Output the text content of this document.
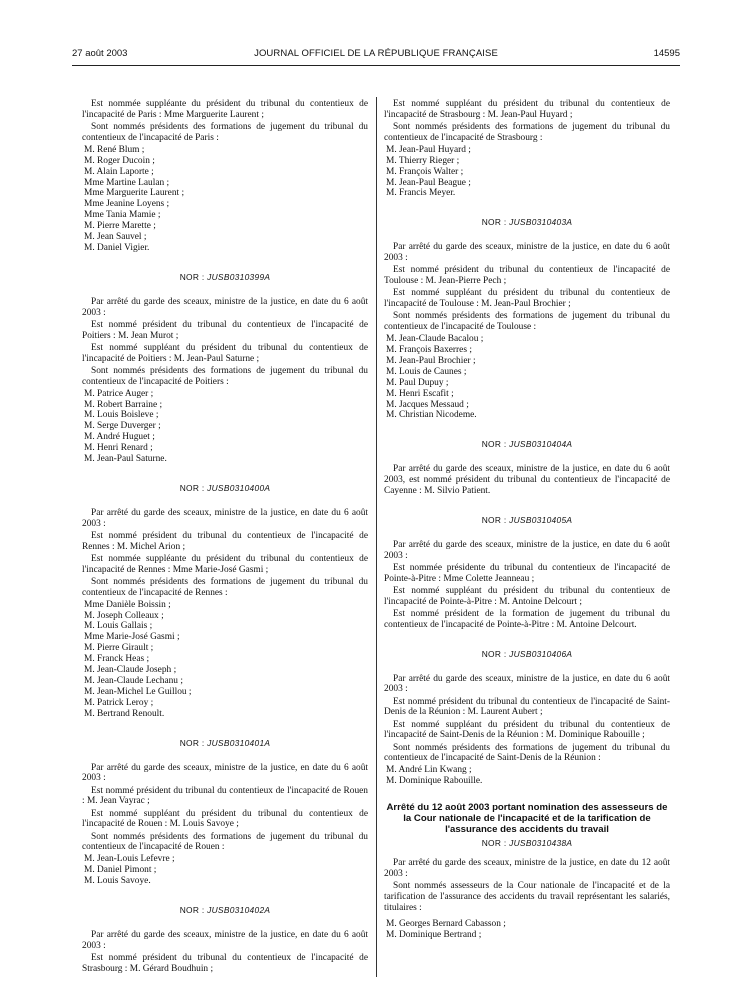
27 août 2003	JOURNAL OFFICIEL DE LA RÉPUBLIQUE FRANÇAISE	14595

Est nommée suppléante du président du tribunal du contentieux de l'incapacité de Paris : Mme Marguerite Laurent ;

Sont nommés présidents des formations de jugement du tribunal du contentieux de l'incapacité de Paris :

M. René Blum ;
M. Roger Ducoin ;
M. Alain Laporte ;
Mme Martine Laulan ;
Mme Marguerite Laurent ;
Mme Jeanine Loyens ;
Mme Tania Mamie ;
M. Pierre Marette ;
M. Jean Sauvel ;
M. Daniel Vigier.
NOR : JUSB0310399A

Par arrêté du garde des sceaux, ministre de la justice, en date du 6 août 2003 :

Est nommé président du tribunal du contentieux de l'incapacité de Poitiers : M. Jean Murot ;

Est nommé suppléant du président du tribunal du contentieux de l'incapacité de Poitiers : M. Jean-Paul Saturne ;

Sont nommés présidents des formations de jugement du tribunal du contentieux de l'incapacité de Poitiers :

M. Patrice Auger ;
M. Robert Barraine ;
M. Louis Boisleve ;
M. Serge Duverger ;
M. André Huguet ;
M. Henri Renard ;
M. Jean-Paul Saturne.
NOR : JUSB0310400A

Par arrêté du garde des sceaux, ministre de la justice, en date du 6 août 2003 :

Est nommé président du tribunal du contentieux de l'incapacité de Rennes : M. Michel Arion ;

Est nommée suppléante du président du tribunal du contentieux de l'incapacité de Rennes : Mme Marie-José Gasmi ;

Sont nommés présidents des formations de jugement du tribunal du contentieux de l'incapacité de Rennes :

Mme Danièle Boissin ;
M. Joseph Colleaux ;
M. Louis Gallais ;
Mme Marie-José Gasmi ;
M. Pierre Girault ;
M. Franck Heas ;
M. Jean-Claude Joseph ;
M. Jean-Claude Lechanu ;
M. Jean-Michel Le Guillou ;
M. Patrick Leroy ;
M. Bertrand Renoult.
NOR : JUSB0310401A

Par arrêté du garde des sceaux, ministre de la justice, en date du 6 août 2003 :

Est nommé président du tribunal du contentieux de l'incapacité de Rouen : M. Jean Vayrac ;

Est nommé suppléant du président du tribunal du contentieux de l'incapacité de Rouen : M. Louis Savoye ;

Sont nommés présidents des formations de jugement du tribunal du contentieux de l'incapacité de Rouen :

M. Jean-Louis Lefevre ;
M. Daniel Pimont ;
M. Louis Savoye.
NOR : JUSB0310402A

Par arrêté du garde des sceaux, ministre de la justice, en date du 6 août 2003 :

Est nommé président du tribunal du contentieux de l'incapacité de Strasbourg : M. Gérard Boudhuin ;

Est nommé suppléant du président du tribunal du contentieux de l'incapacité de Strasbourg : M. Jean-Paul Huyard ;

Sont nommés présidents des formations de jugement du tribunal du contentieux de l'incapacité de Strasbourg :

M. Jean-Paul Huyard ;
M. Thierry Rieger ;
M. François Walter ;
M. Jean-Paul Beague ;
M. Francis Meyer.
NOR : JUSB0310403A

Par arrêté du garde des sceaux, ministre de la justice, en date du 6 août 2003 :

Est nommé président du tribunal du contentieux de l'incapacité de Toulouse : M. Jean-Pierre Pech ;

Est nommé suppléant du président du tribunal du contentieux de l'incapacité de Toulouse : M. Jean-Paul Brochier ;

Sont nommés présidents des formations de jugement du tribunal du contentieux de l'incapacité de Toulouse :

M. Jean-Claude Bacalou ;
M. François Baxerres ;
M. Jean-Paul Brochier ;
M. Louis de Caunes ;
M. Paul Dupuy ;
M. Henri Escafit ;
M. Jacques Messaud ;
M. Christian Nicodeme.
NOR : JUSB0310404A

Par arrêté du garde des sceaux, ministre de la justice, en date du 6 août 2003, est nommé président du tribunal du contentieux de l'incapacité de Cayenne : M. Silvio Patient.

NOR : JUSB0310405A

Par arrêté du garde des sceaux, ministre de la justice, en date du 6 août 2003 :

Est nommée présidente du tribunal du contentieux de l'incapacité de Pointe-à-Pitre : Mme Colette Jeanneau ;

Est nommé suppléant du président du tribunal du contentieux de l'incapacité de Pointe-à-Pitre : M. Antoine Delcourt ;

Est nommé président de la formation de jugement du tribunal du contentieux de l'incapacité de Pointe-à-Pitre : M. Antoine Delcourt.

NOR : JUSB0310406A

Par arrêté du garde des sceaux, ministre de la justice, en date du 6 août 2003 :

Est nommé président du tribunal du contentieux de l'incapacité de Saint-Denis de la Réunion : M. Laurent Aubert ;

Est nommé suppléant du président du tribunal du contentieux de l'incapacité de Saint-Denis de la Réunion : M. Dominique Rabouille ;

Sont nommés présidents des formations de jugement du tribunal du contentieux de l'incapacité de Saint-Denis de la Réunion :

M. André Lin Kwang ;
M. Dominique Rabouille.
Arrêté du 12 août 2003 portant nomination des assesseurs de la Cour nationale de l'incapacité et de la tarification de l'assurance des accidents du travail
NOR : JUSB0310438A

Par arrêté du garde des sceaux, ministre de la justice, en date du 12 août 2003 :

Sont nommés assesseurs de la Cour nationale de l'incapacité et de la tarification de l'assurance des accidents du travail représentant les salariés, titulaires :

M. Georges Bernard Cabasson ;
M. Dominique Bertrand ;
